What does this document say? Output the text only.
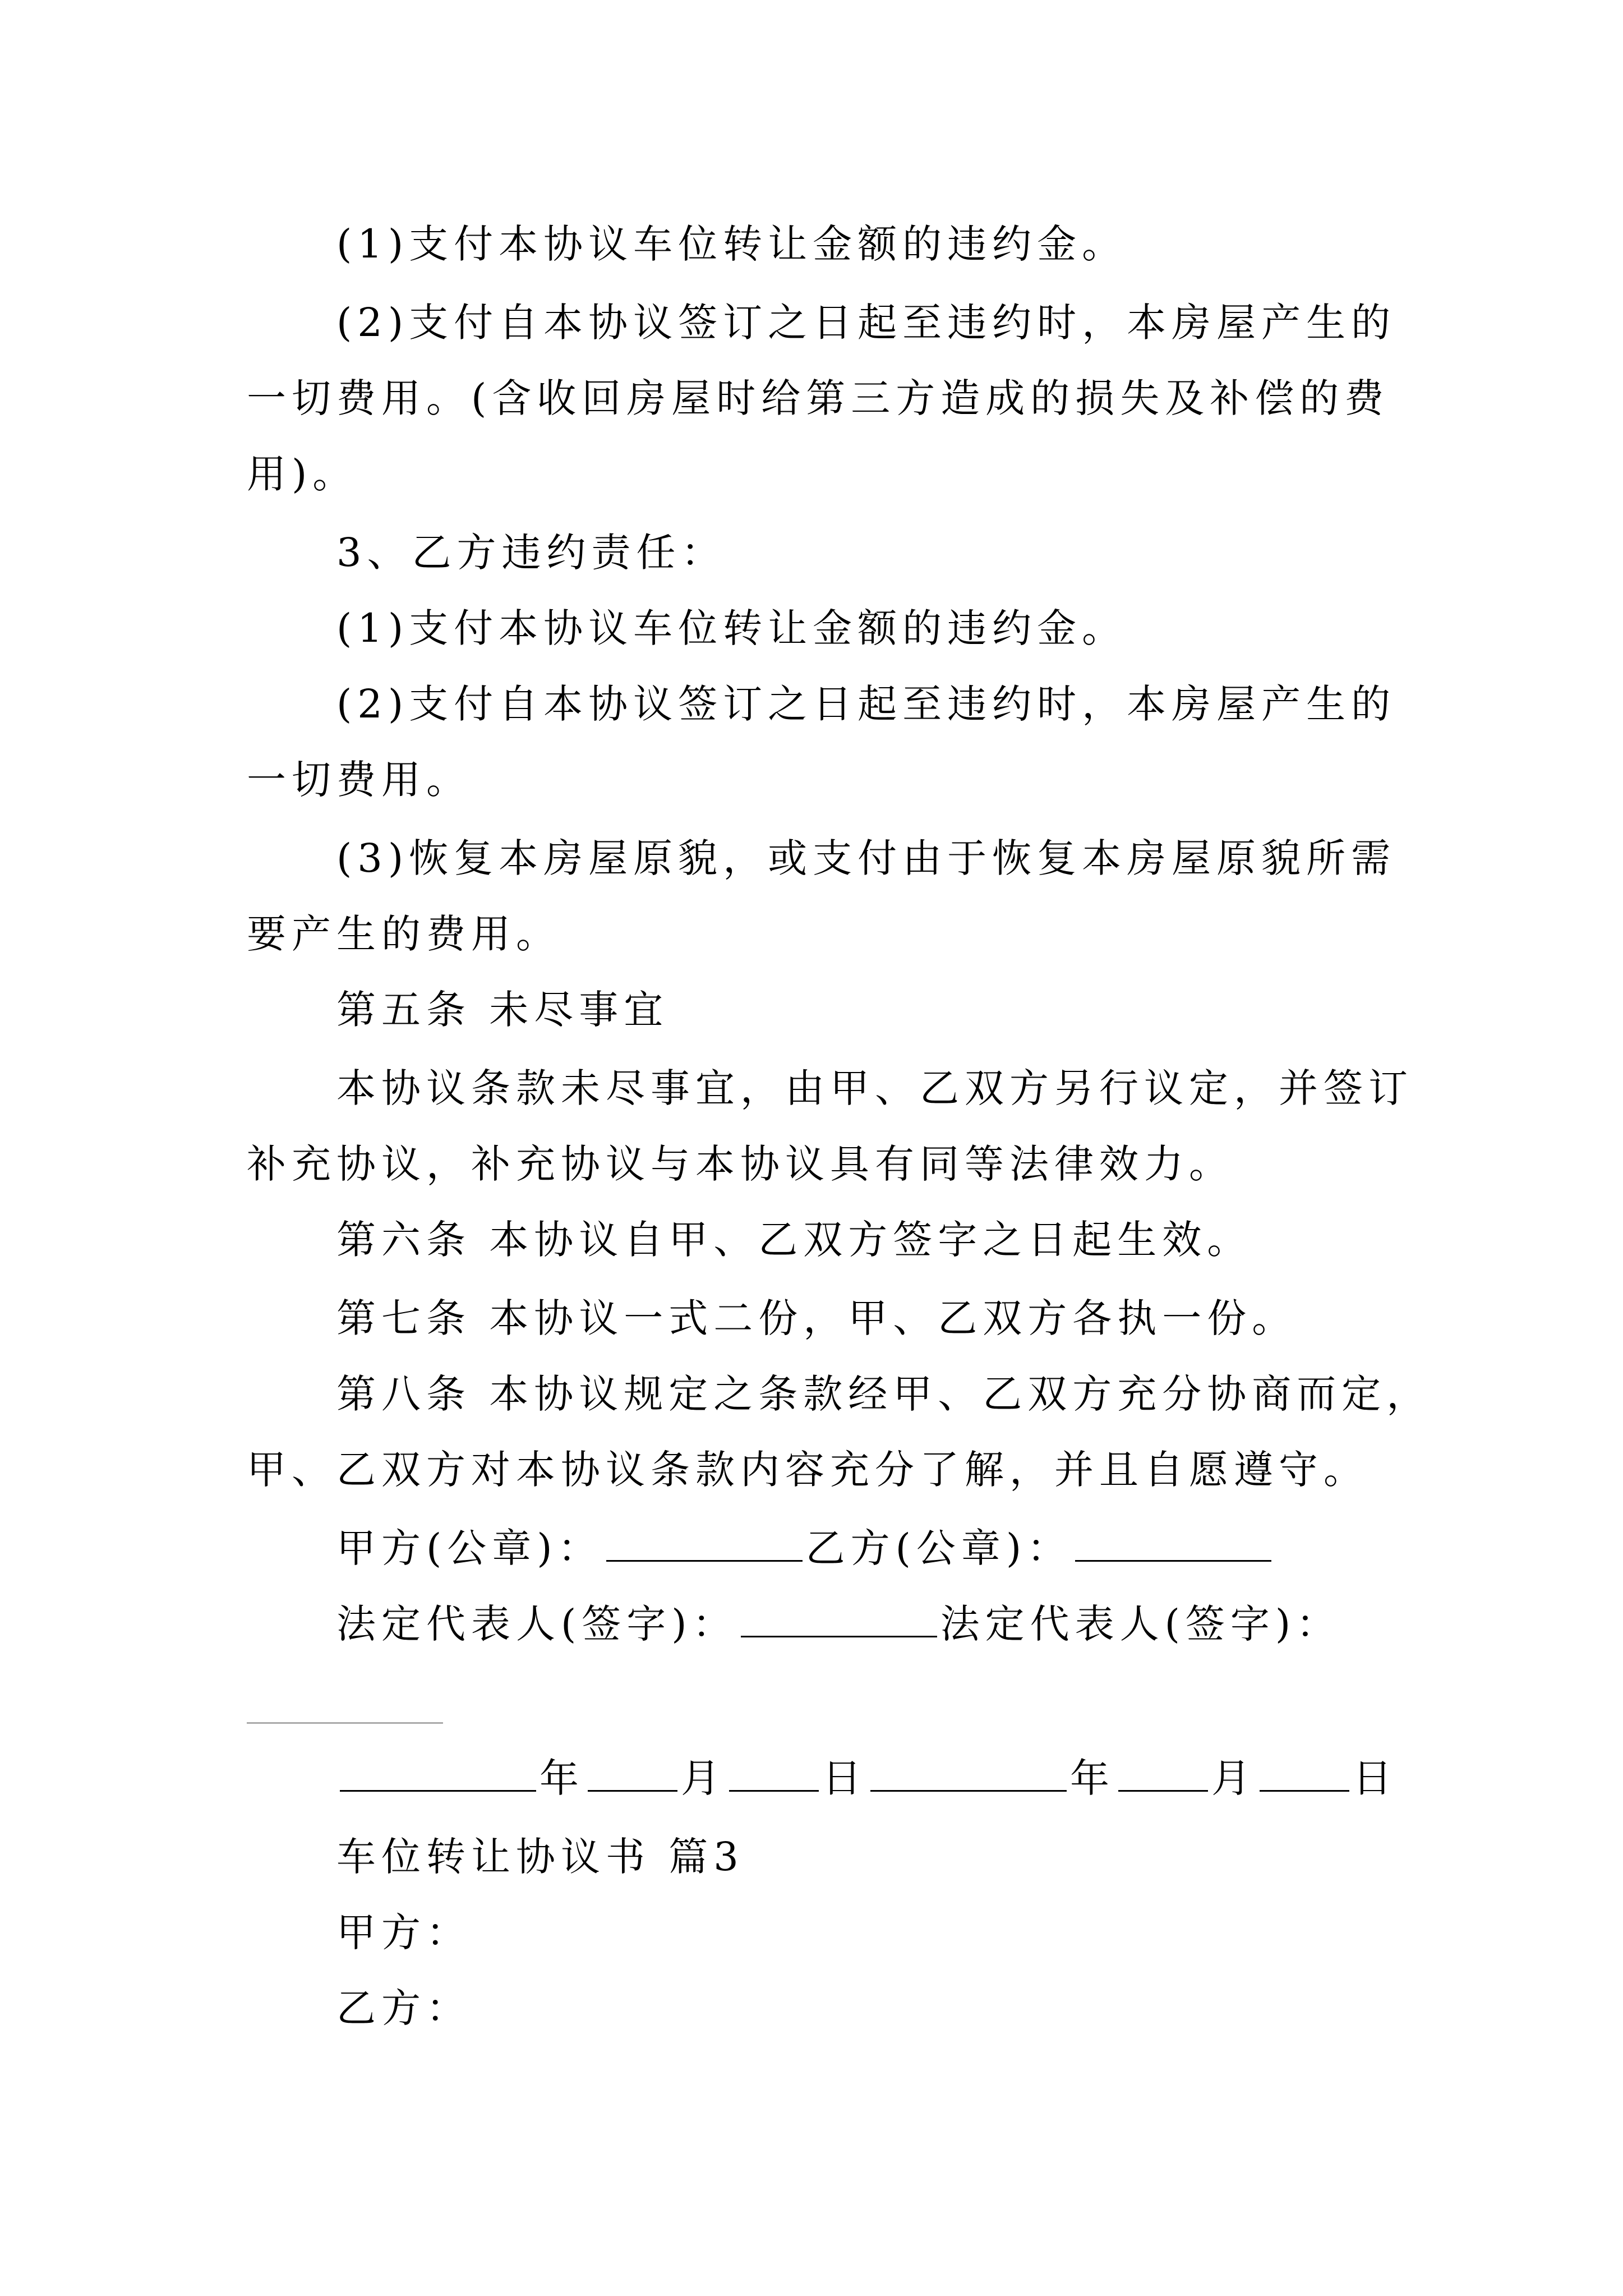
(1)支付本协议车位转让金额的违约金。
(2)支付自本协议签订之日起至违约时，本房屋产生的
一切费用。(含收回房屋时给第三方造成的损失及补偿的费
用)。
3、乙方违约责任：
(1)支付本协议车位转让金额的违约金。
(2)支付自本协议签订之日起至违约时，本房屋产生的
一切费用。
(3)恢复本房屋原貌，或支付由于恢复本房屋原貌所需
要产生的费用。
第五条 未尽事宜
本协议条款未尽事宜，由甲、乙双方另行议定，并签订
补充协议，补充协议与本协议具有同等法律效力。
第六条 本协议自甲、乙双方签字之日起生效。
第七条 本协议一式二份，甲、乙双方各执一份。
第八条 本协议规定之条款经甲、乙双方充分协商而定，
甲、乙双方对本协议条款内容充分了解，并且自愿遵守。
甲方(公章)：	乙方(公章)：
法定代表人(签字)：	法定代表人(签字)：
年 月 日	年 月 日
车位转让协议书 篇3
甲方：
乙方：
